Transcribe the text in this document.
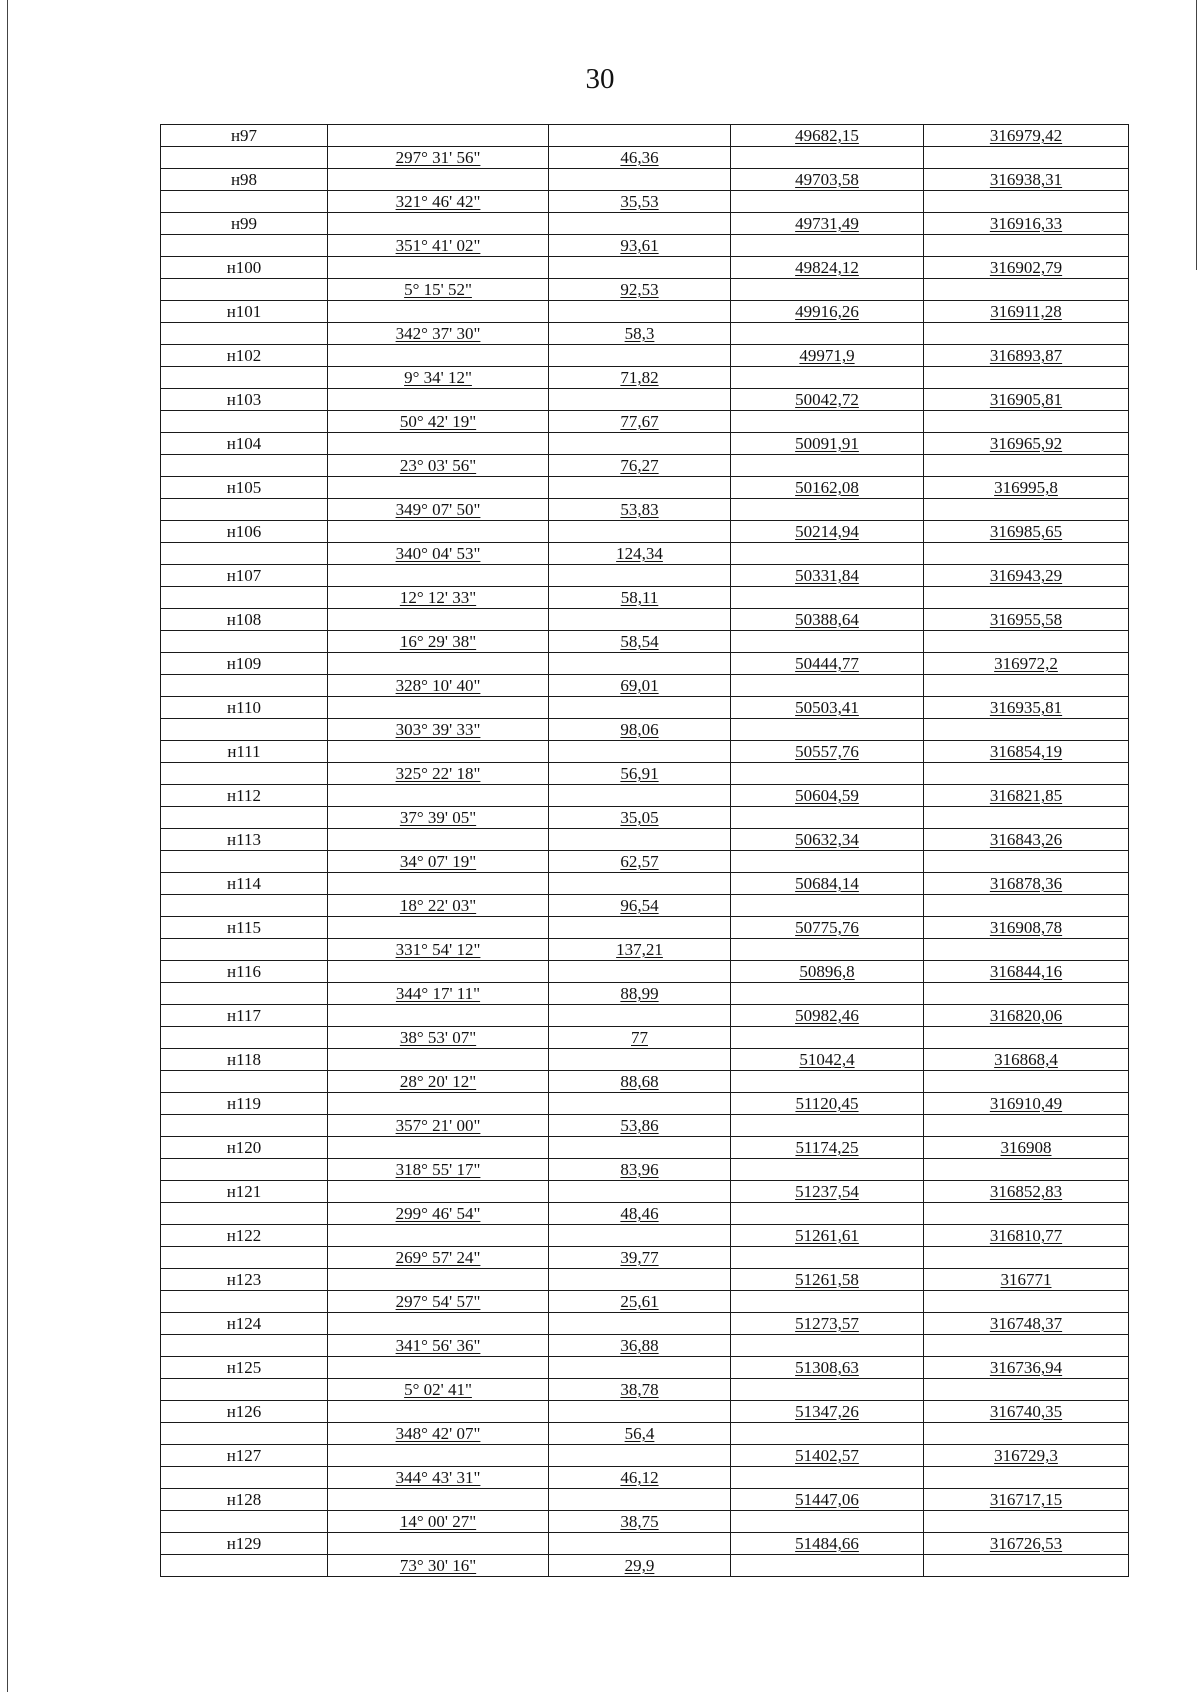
30
н97			49682,15	316979,42
	297° 31' 56"	46,36		
н98			49703,58	316938,31
	321° 46' 42"	35,53		
н99			49731,49	316916,33
	351° 41' 02"	93,61		
н100			49824,12	316902,79
	5° 15' 52"	92,53		
н101			49916,26	316911,28
	342° 37' 30"	58,3		
н102			49971,9	316893,87
	9° 34' 12"	71,82		
н103			50042,72	316905,81
	50° 42' 19"	77,67		
н104			50091,91	316965,92
	23° 03' 56"	76,27		
н105			50162,08	316995,8
	349° 07' 50"	53,83		
н106			50214,94	316985,65
	340° 04' 53"	124,34		
н107			50331,84	316943,29
	12° 12' 33"	58,11		
н108			50388,64	316955,58
	16° 29' 38"	58,54		
н109			50444,77	316972,2
	328° 10' 40"	69,01		
н110			50503,41	316935,81
	303° 39' 33"	98,06		
н111			50557,76	316854,19
	325° 22' 18"	56,91		
н112			50604,59	316821,85
	37° 39' 05"	35,05		
н113			50632,34	316843,26
	34° 07' 19"	62,57		
н114			50684,14	316878,36
	18° 22' 03"	96,54		
н115			50775,76	316908,78
	331° 54' 12"	137,21		
н116			50896,8	316844,16
	344° 17' 11"	88,99		
н117			50982,46	316820,06
	38° 53' 07"	77		
н118			51042,4	316868,4
	28° 20' 12"	88,68		
н119			51120,45	316910,49
	357° 21' 00"	53,86		
н120			51174,25	316908
	318° 55' 17"	83,96		
н121			51237,54	316852,83
	299° 46' 54"	48,46		
н122			51261,61	316810,77
	269° 57' 24"	39,77		
н123			51261,58	316771
	297° 54' 57"	25,61		
н124			51273,57	316748,37
	341° 56' 36"	36,88		
н125			51308,63	316736,94
	5° 02' 41"	38,78		
н126			51347,26	316740,35
	348° 42' 07"	56,4		
н127			51402,57	316729,3
	344° 43' 31"	46,12		
н128			51447,06	316717,15
	14° 00' 27"	38,75		
н129			51484,66	316726,53
	73° 30' 16"	29,9		
